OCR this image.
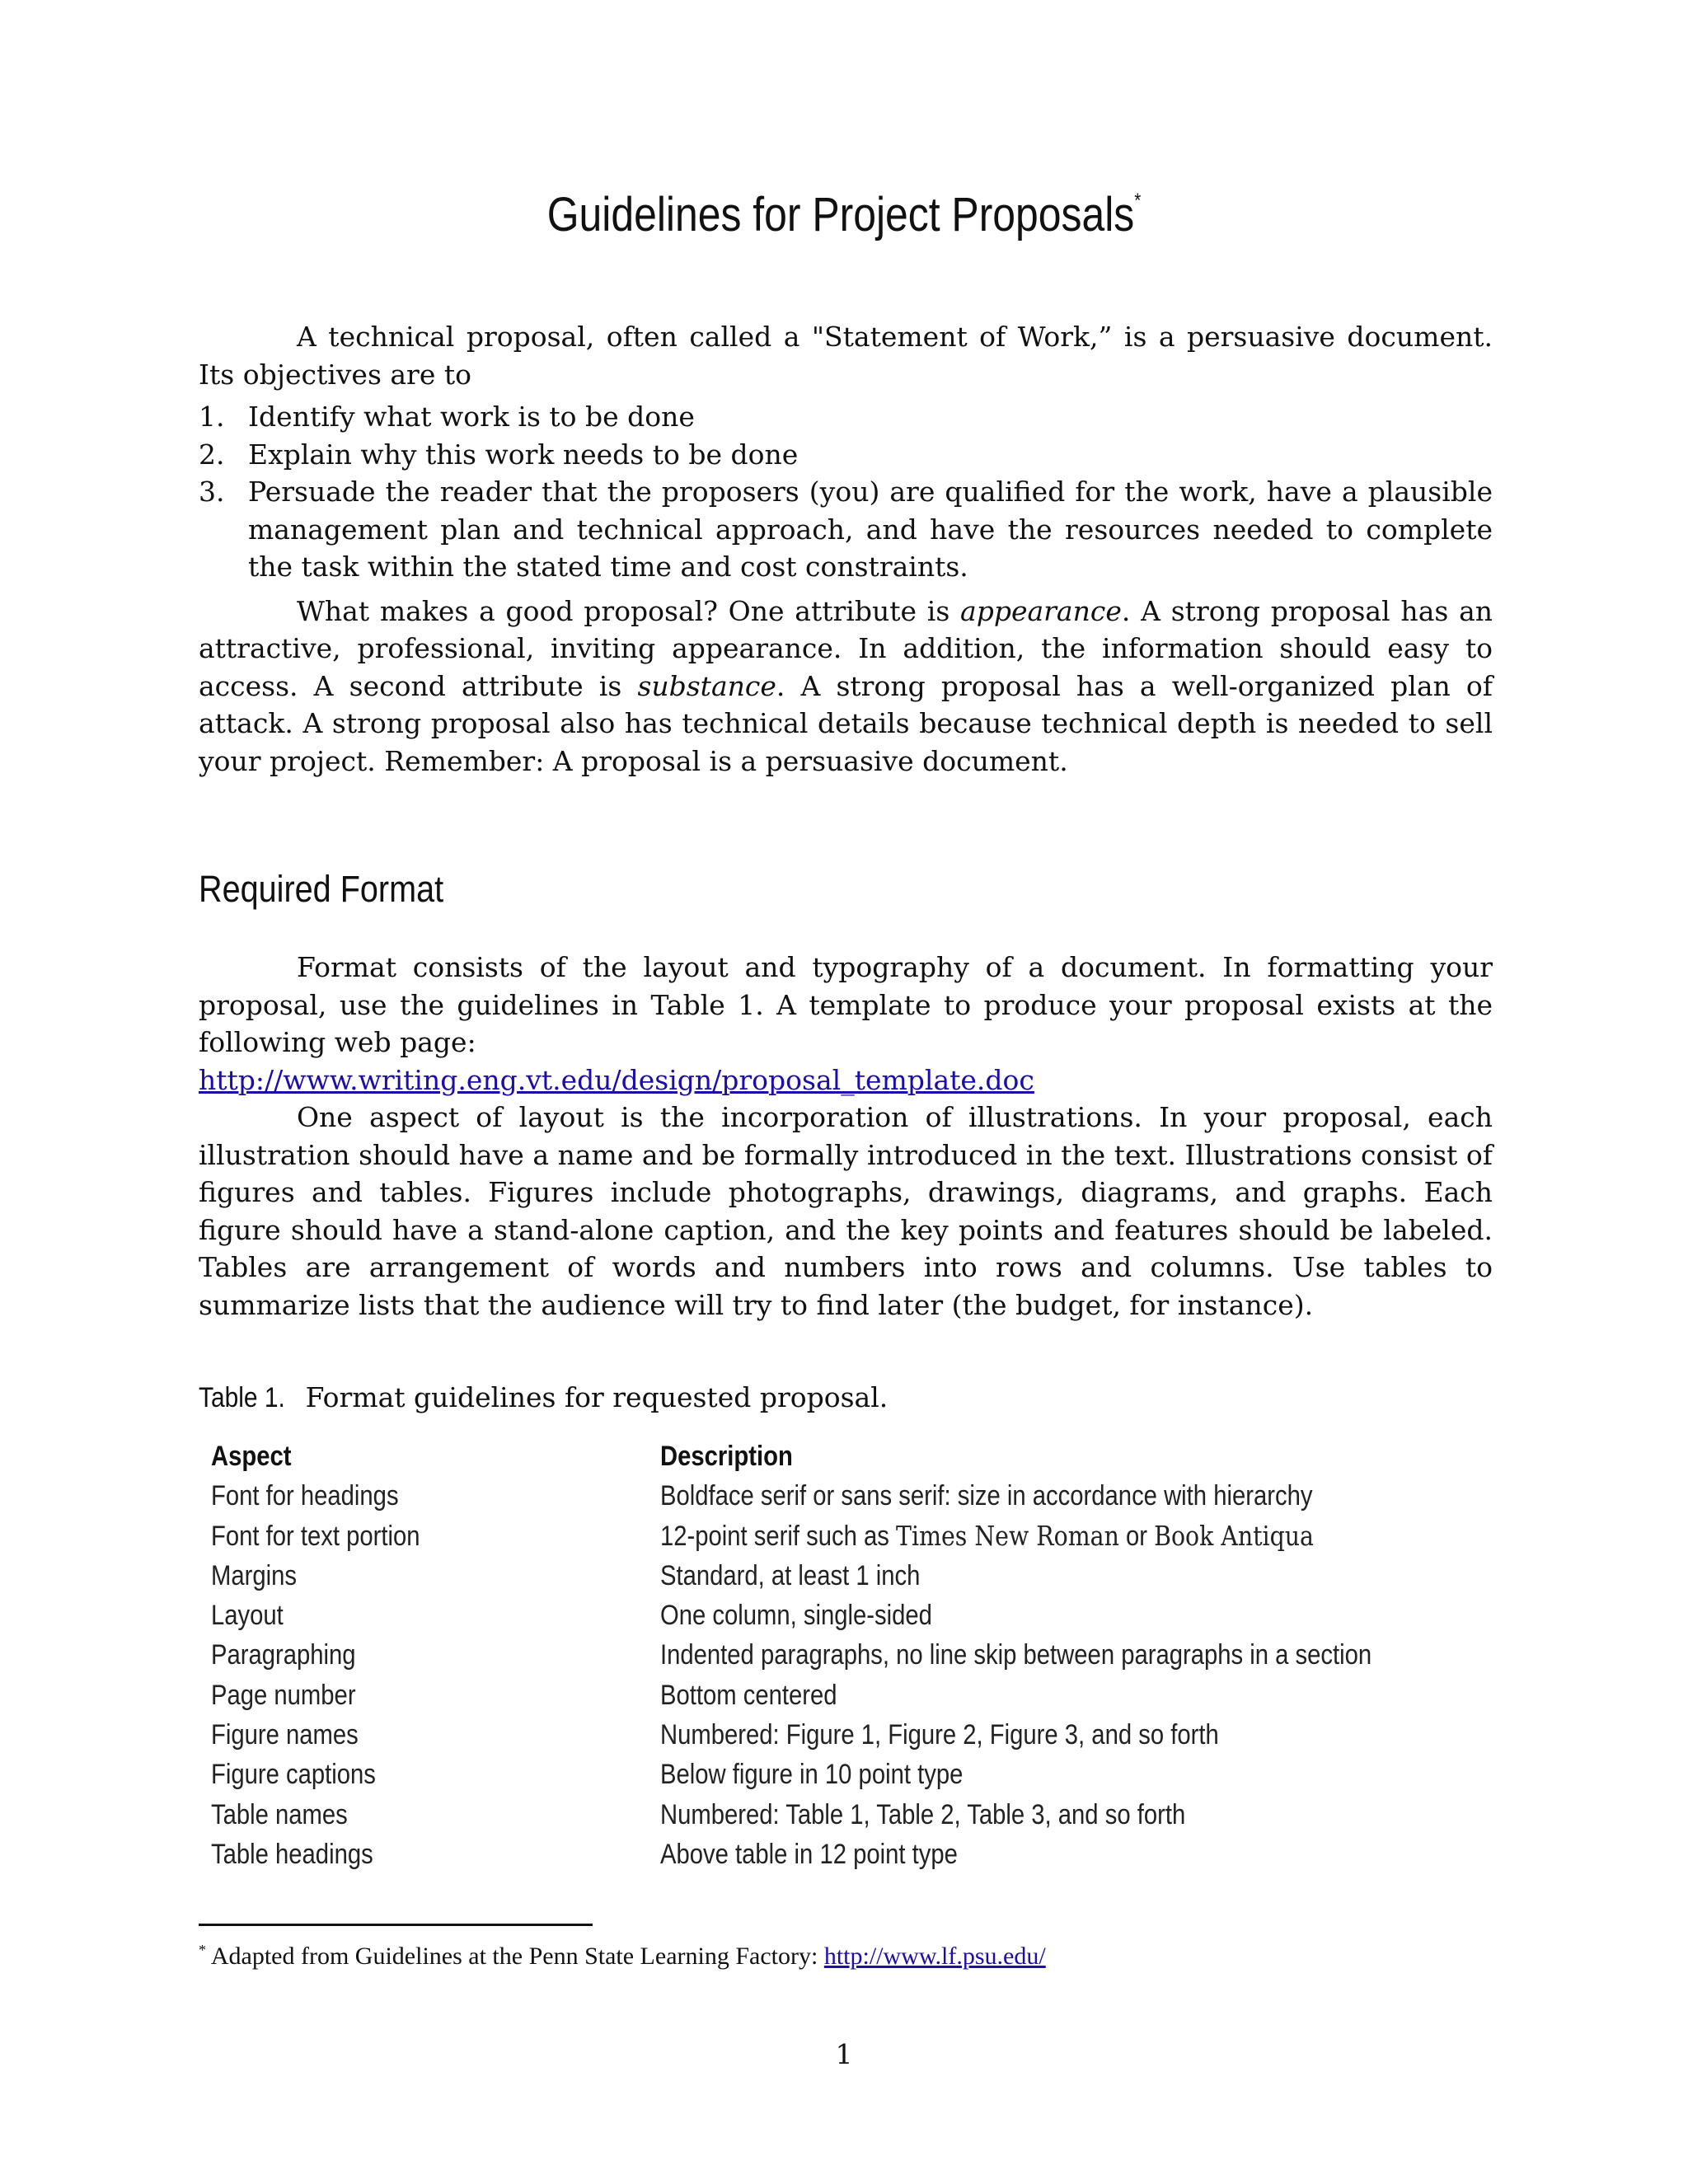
Guidelines for Project Proposals*

A technical proposal, often called a "Statement of Work,” is a persuasive document. Its objectives are to

1. Identify what work is to be done
2. Explain why this work needs to be done
3. Persuade the reader that the proposers (you) are qualified for the work, have a plausible management plan and technical approach, and have the resources needed to complete the task within the stated time and cost constraints.

What makes a good proposal? One attribute is appearance. A strong proposal has an attractive, professional, inviting appearance. In addition, the information should easy to access. A second attribute is substance. A strong proposal has a well-organized plan of attack. A strong proposal also has technical details because technical depth is needed to sell your project. Remember: A proposal is a persuasive document.

Required Format

Format consists of the layout and typography of a document. In formatting your proposal, use the guidelines in Table 1. A template to produce your proposal exists at the following web page:

http://www.writing.eng.vt.edu/design/proposal_template.doc

One aspect of layout is the incorporation of illustrations. In your proposal, each illustration should have a name and be formally introduced in the text. Illustrations consist of figures and tables. Figures include photographs, drawings, diagrams, and graphs. Each figure should have a stand-alone caption, and the key points and features should be labeled. Tables are arrangement of words and numbers into rows and columns. Use tables to summarize lists that the audience will try to find later (the budget, for instance).

Table 1. Format guidelines for requested proposal.
Aspect	Description
Font for headings	Boldface serif or sans serif: size in accordance with hierarchy
Font for text portion	12-point serif such as Times New Roman or Book Antiqua
Margins	Standard, at least 1 inch
Layout	One column, single-sided
Paragraphing	Indented paragraphs, no line skip between paragraphs in a section
Page number	Bottom centered
Figure names	Numbered: Figure 1, Figure 2, Figure 3, and so forth
Figure captions	Below figure in 10 point type
Table names	Numbered: Table 1, Table 2, Table 3, and so forth
Table headings	Above table in 12 point type
* Adapted from Guidelines at the Penn State Learning Factory: http://www.lf.psu.edu/
1
